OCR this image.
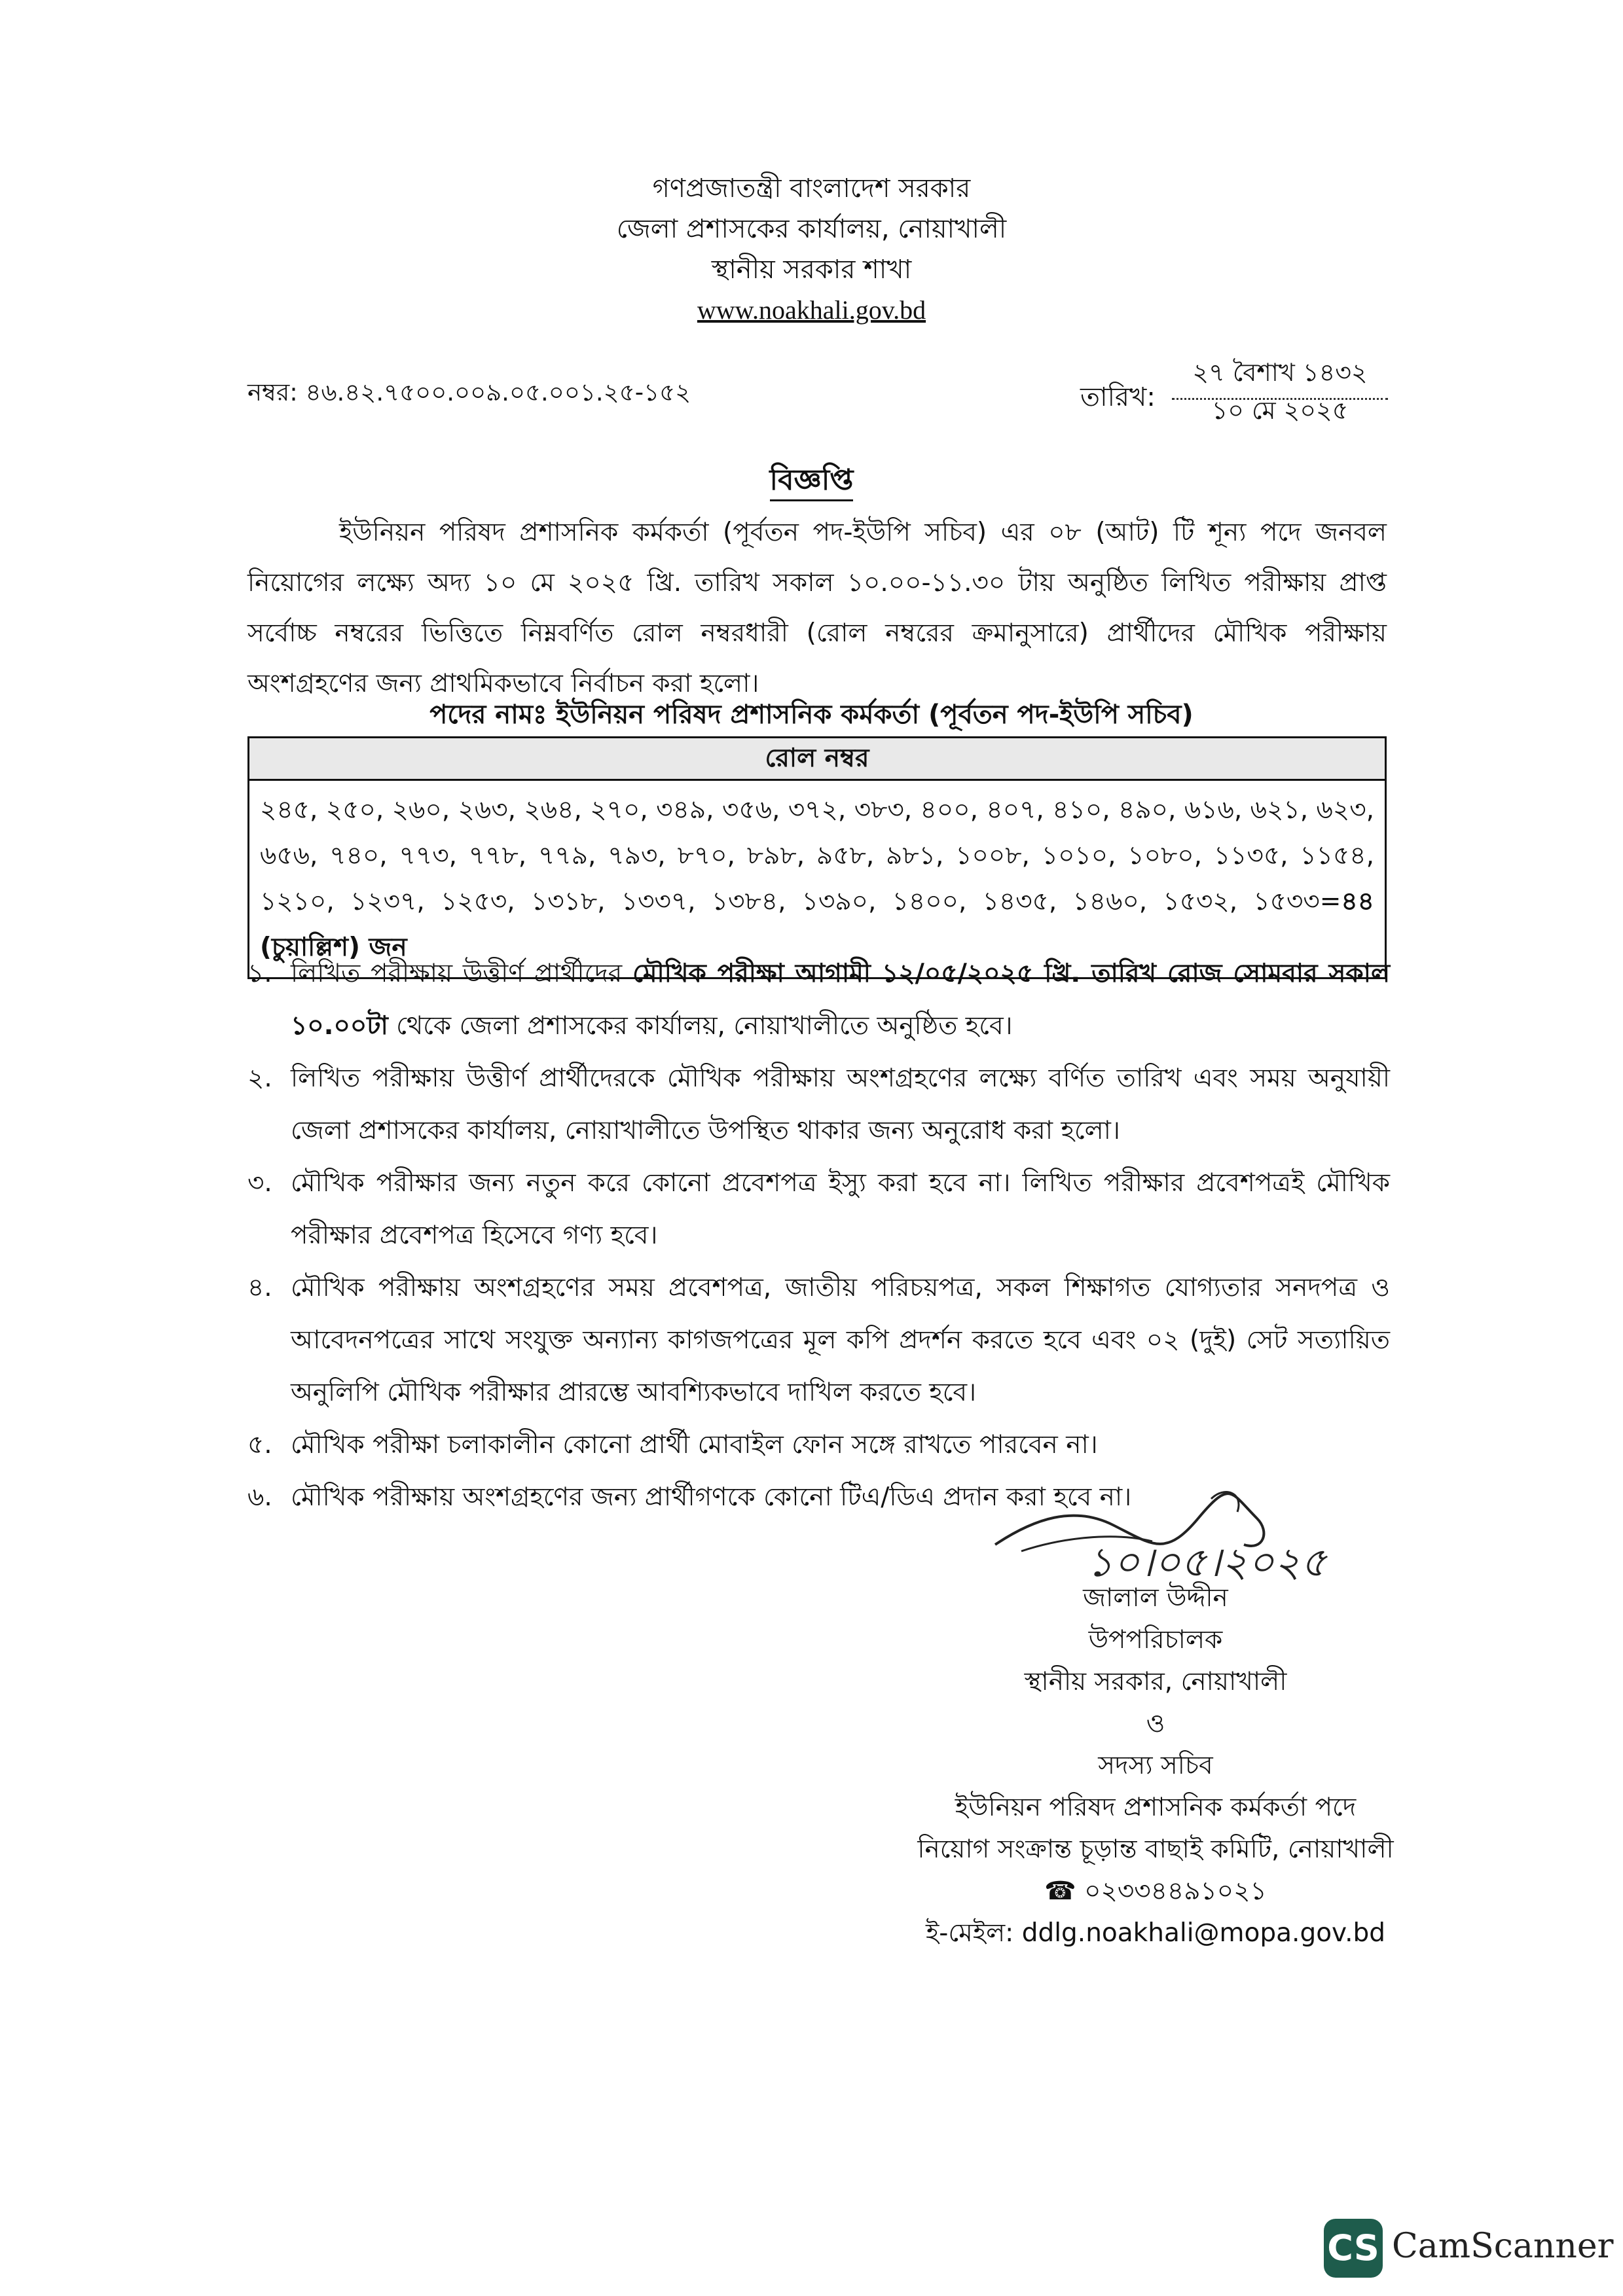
গণপ্রজাতন্ত্রী বাংলাদেশ সরকার
জেলা প্রশাসকের কার্যালয়, নোয়াখালী
স্থানীয় সরকার শাখা
www.noakhali.gov.bd
নম্বর: ৪৬.৪২.৭৫০০.০০৯.০৫.০০১.২৫-১৫২	তারিখ:
২৭ বৈশাখ ১৪৩২
১০ মে ২০২৫
বিজ্ঞপ্তি
ইউনিয়ন পরিষদ প্রশাসনিক কর্মকর্তা (পূর্বতন পদ-ইউপি সচিব) এর ০৮ (আট) টি শূন্য পদে জনবল নিয়োগের লক্ষ্যে অদ্য ১০ মে ২০২৫ খ্রি. তারিখ সকাল ১০.০০-১১.৩০ টায় অনুষ্ঠিত লিখিত পরীক্ষায় প্রাপ্ত সর্বোচ্চ নম্বরের ভিত্তিতে নিম্নবর্ণিত রোল নম্বরধারী (রোল নম্বরের ক্রমানুসারে) প্রার্থীদের মৌখিক পরীক্ষায় অংশগ্রহণের জন্য প্রাথমিকভাবে নির্বাচন করা হলো।
পদের নামঃ ইউনিয়ন পরিষদ প্রশাসনিক কর্মকর্তা (পূর্বতন পদ-ইউপি সচিব)
রোল নম্বর
২৪৫, ২৫০, ২৬০, ২৬৩, ২৬৪, ২৭০, ৩৪৯, ৩৫৬, ৩৭২, ৩৮৩, ৪০০, ৪০৭, ৪১০, ৪৯০, ৬১৬, ৬২১, ৬২৩, ৬৫৬, ৭৪০, ৭৭৩, ৭৭৮, ৭৭৯, ৭৯৩, ৮৭০, ৮৯৮, ৯৫৮, ৯৮১, ১০০৮, ১০১০, ১০৮০, ১১৩৫, ১১৫৪, ১২১০, ১২৩৭, ১২৫৩, ১৩১৮, ১৩৩৭, ১৩৮৪, ১৩৯০, ১৪০০, ১৪৩৫, ১৪৬০, ১৫৩২, ১৫৩৩=৪৪ (চুয়াল্লিশ) জন
১. লিখিত পরীক্ষায় উত্তীর্ণ প্রার্থীদের মৌখিক পরীক্ষা আগামী ১২/০৫/২০২৫ খ্রি. তারিখ রোজ সোমবার সকাল ১০.০০টা থেকে জেলা প্রশাসকের কার্যালয়, নোয়াখালীতে অনুষ্ঠিত হবে।
২. লিখিত পরীক্ষায় উত্তীর্ণ প্রার্থীদেরকে মৌখিক পরীক্ষায় অংশগ্রহণের লক্ষ্যে বর্ণিত তারিখ এবং সময় অনুযায়ী জেলা প্রশাসকের কার্যালয়, নোয়াখালীতে উপস্থিত থাকার জন্য অনুরোধ করা হলো।
৩. মৌখিক পরীক্ষার জন্য নতুন করে কোনো প্রবেশপত্র ইস্যু করা হবে না। লিখিত পরীক্ষার প্রবেশপত্রই মৌখিক পরীক্ষার প্রবেশপত্র হিসেবে গণ্য হবে।
৪. মৌখিক পরীক্ষায় অংশগ্রহণের সময় প্রবেশপত্র, জাতীয় পরিচয়পত্র, সকল শিক্ষাগত যোগ্যতার সনদপত্র ও আবেদনপত্রের সাথে সংযুক্ত অন্যান্য কাগজপত্রের মূল কপি প্রদর্শন করতে হবে এবং ০২ (দুই) সেট সত্যায়িত অনুলিপি মৌখিক পরীক্ষার প্রারম্ভে আবশ্যিকভাবে দাখিল করতে হবে।
৫. মৌখিক পরীক্ষা চলাকালীন কোনো প্রার্থী মোবাইল ফোন সঙ্গে রাখতে পারবেন না।
৬. মৌখিক পরীক্ষায় অংশগ্রহণের জন্য প্রার্থীগণকে কোনো টিএ/ডিএ প্রদান করা হবে না।
১০।০৫।২০২৫
জালাল উদ্দীন
উপপরিচালক
স্থানীয় সরকার, নোয়াখালী
ও
সদস্য সচিব
ইউনিয়ন পরিষদ প্রশাসনিক কর্মকর্তা পদে
নিয়োগ সংক্রান্ত চূড়ান্ত বাছাই কমিটি, নোয়াখালী
☎ ০২৩৩৪৪৯১০২১
ই-মেইল: ddlg.noakhali@mopa.gov.bd
CS CamScanner
